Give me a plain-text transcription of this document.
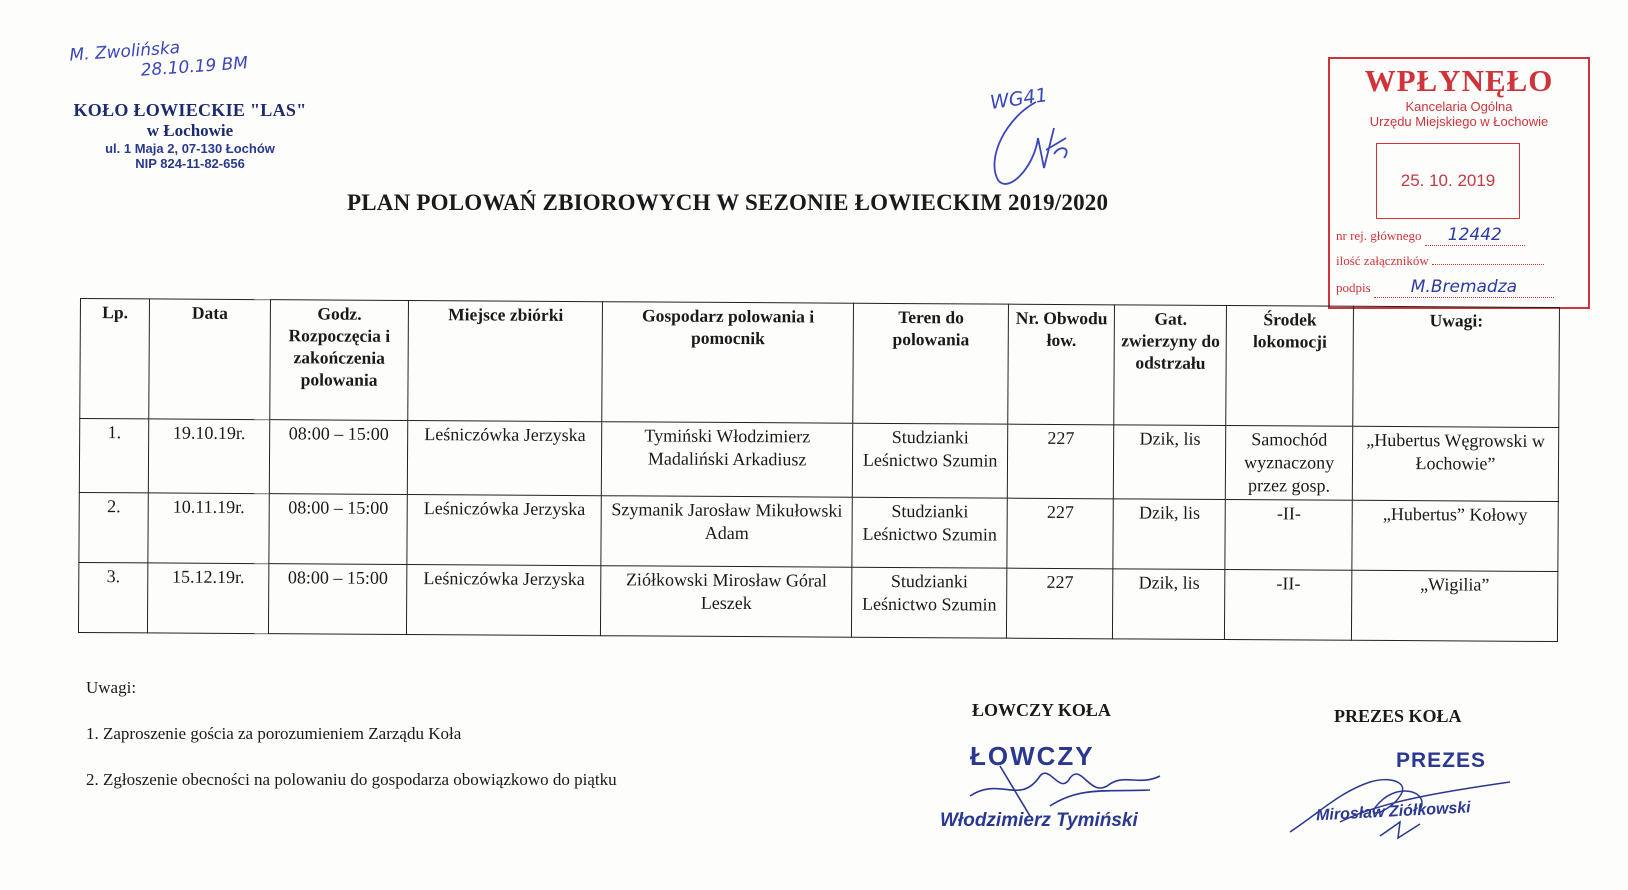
M. Zwolińska
28.10.19 BM
KOŁO ŁOWIECKIE "LAS"
w Łochowie
ul. 1 Maja 2, 07-130 Łochów
NIP 824-11-82-656
WG41
PLAN POLOWAŃ ZBIOROWYCH W SEZONIE ŁOWIECKIM 2019/2020
WPŁYNĘŁO
Kancelaria Ogólna
Urzędu Miejskiego w Łochowie
25. 10. 2019
nr rej. głównego 12442
ilość załączników
podpis M.Bremadza
Lp.	Data	Godz. Rozpoczęcia i zakończenia polowania	Miejsce zbiórki	Gospodarz polowania i pomocnik	Teren do polowania	Nr. Obwodu łow.	Gat. zwierzyny do odstrzału	Środek lokomocji	Uwagi:
1.	19.10.19r.	08:00 – 15:00	Leśniczówka Jerzyska	Tymiński Włodzimierz Madaliński Arkadiusz	Studzianki Leśnictwo Szumin	227	Dzik, lis	Samochód wyznaczony przez gosp.	„Hubertus Węgrowski w Łochowie”
2.	10.11.19r.	08:00 – 15:00	Leśniczówka Jerzyska	Szymanik Jarosław Mikułowski Adam	Studzianki Leśnictwo Szumin	227	Dzik, lis	-II-	„Hubertus” Kołowy
3.	15.12.19r.	08:00 – 15:00	Leśniczówka Jerzyska	Ziółkowski Mirosław Góral Leszek	Studzianki Leśnictwo Szumin	227	Dzik, lis	-II-	„Wigilia”
Uwagi:
1. Zaproszenie gościa za porozumieniem Zarządu Koła
2. Zgłoszenie obecności na polowaniu do gospodarza obowiązkowo do piątku
ŁOWCZY KOŁA
ŁOWCZY
Włodzimierz Tymiński
PREZES KOŁA
PREZES
Mirosław Ziółkowski
